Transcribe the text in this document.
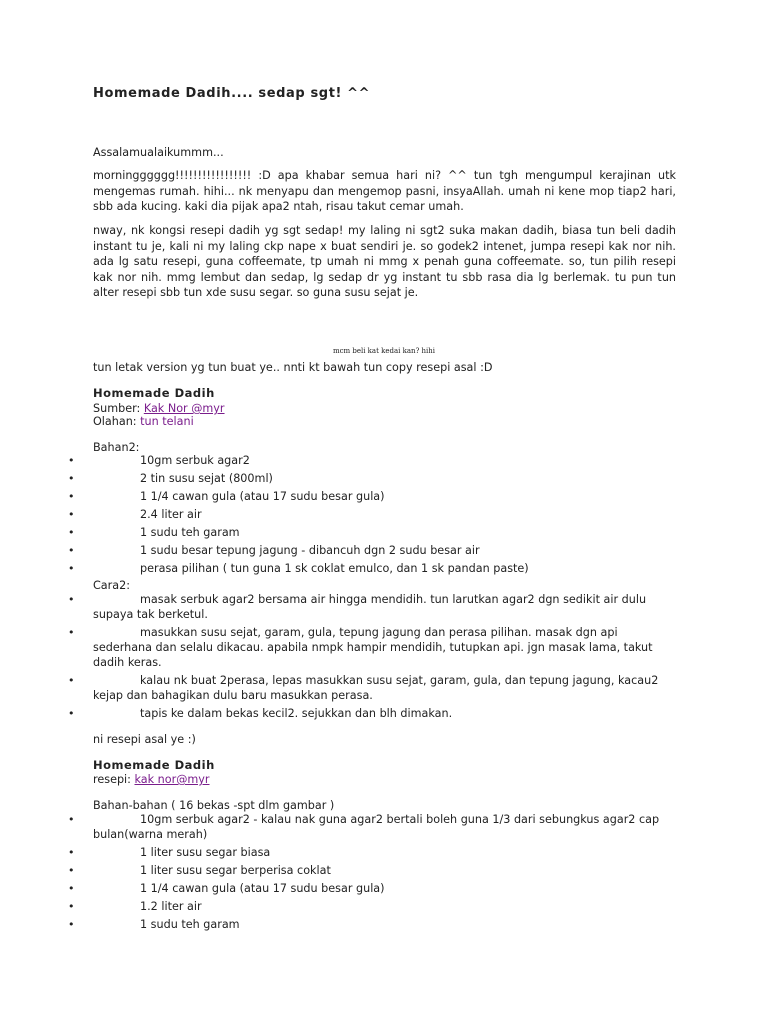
Homemade Dadih.... sedap sgt! ^^
Assalamualaikummm...
morningggggg!!!!!!!!!!!!!!!!! :D apa khabar semua hari ni? ^^ tun tgh mengumpul kerajinan utk mengemas rumah. hihi... nk menyapu dan mengemop pasni, insyaAllah. umah ni kene mop tiap2 hari, sbb ada kucing. kaki dia pijak apa2 ntah, risau takut cemar umah.
nway, nk kongsi resepi dadih yg sgt sedap! my laling ni sgt2 suka makan dadih, biasa tun beli dadih instant tu je, kali ni my laling ckp nape x buat sendiri je. so godek2 intenet, jumpa resepi kak nor nih. ada lg satu resepi, guna coffeemate, tp umah ni mmg x penah guna coffeemate. so, tun pilih resepi kak nor nih. mmg lembut dan sedap, lg sedap dr yg instant tu sbb rasa dia lg berlemak. tu pun tun alter resepi sbb tun xde susu segar. so guna susu sejat je.
mcm beli kat kedai kan? hihi
tun letak version yg tun buat ye.. nnti kt bawah tun copy resepi asal :D
Homemade Dadih
Sumber: Kak Nor @myr
Olahan: tun telani
Bahan2:
•	10gm serbuk agar2
•	2 tin susu sejat (800ml)
•	1 1/4 cawan gula (atau 17 sudu besar gula)
•	2.4 liter air
•	1 sudu teh garam
•	1 sudu besar tepung jagung - dibancuh dgn 2 sudu besar air
•	perasa pilihan ( tun guna 1 sk coklat emulco, dan 1 sk pandan paste)
Cara2:
•	masak serbuk agar2 bersama air hingga mendidih. tun larutkan agar2 dgn sedikit air dulu supaya tak berketul.
•	masukkan susu sejat, garam, gula, tepung jagung dan perasa pilihan. masak dgn api sederhana dan selalu dikacau. apabila nmpk hampir mendidih, tutupkan api. jgn masak lama, takut dadih keras.
•	kalau nk buat 2perasa, lepas masukkan susu sejat, garam, gula, dan tepung jagung, kacau2 kejap dan bahagikan dulu baru masukkan perasa.
•	tapis ke dalam bekas kecil2. sejukkan dan blh dimakan.
ni resepi asal ye :)
Homemade Dadih
resepi: kak nor@myr
Bahan-bahan ( 16 bekas -spt dlm gambar )
•	10gm serbuk agar2 - kalau nak guna agar2 bertali boleh guna 1/3 dari sebungkus agar2 cap bulan(warna merah)
•	1 liter susu segar biasa
•	1 liter susu segar berperisa coklat
•	1 1/4 cawan gula (atau 17 sudu besar gula)
•	1.2 liter air
•	1 sudu teh garam
